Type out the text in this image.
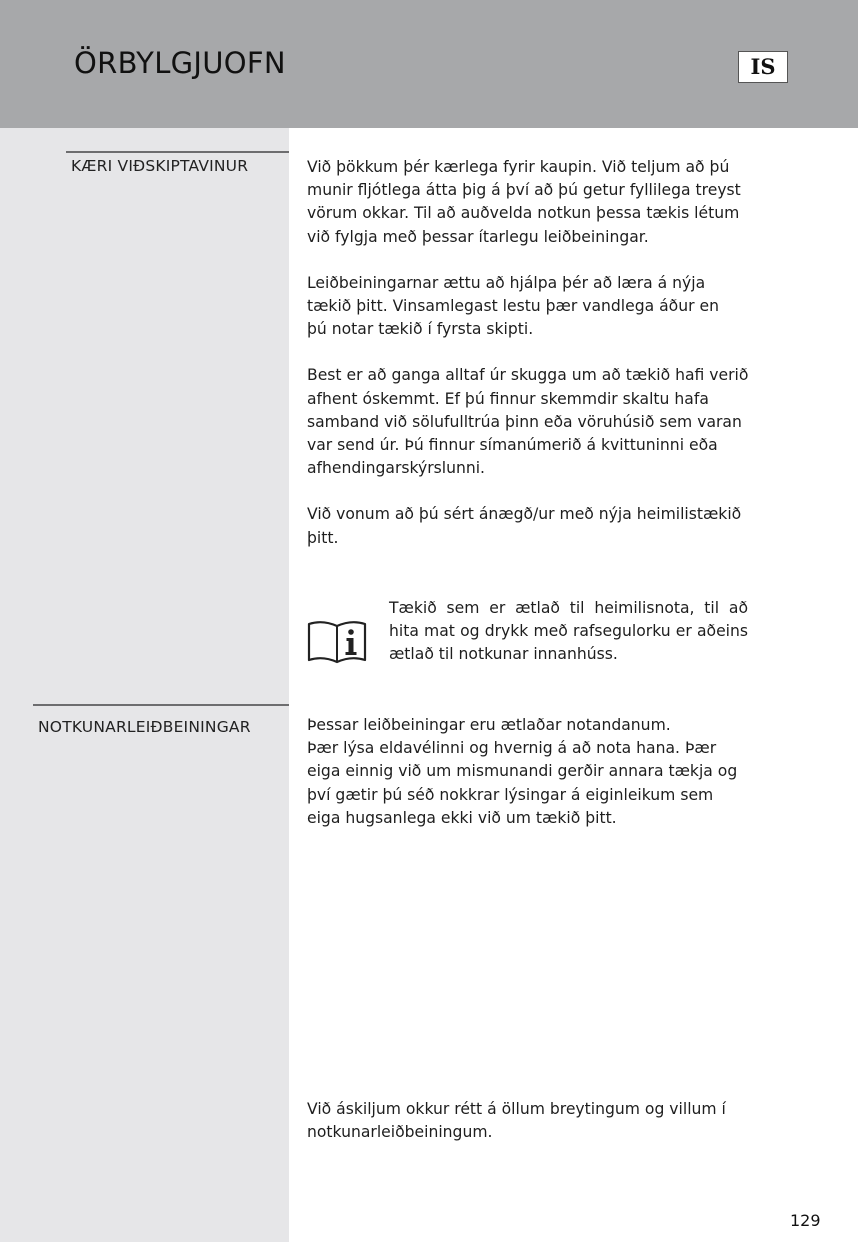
ÖRBYLGJUOFN	IS
KÆRI VIÐSKIPTAVINUR	Við þökkum þér kærlega fyrir kaupin. Við teljum að þú
munir fljótlega átta þig á því að þú getur fyllilega treyst
vörum okkar. Til að auðvelda notkun þessa tækis létum
við fylgja með þessar ítarlegu leiðbeiningar.

Leiðbeiningarnar ættu að hjálpa þér að læra á nýja
tækið þitt. Vinsamlegast lestu þær vandlega áður en
þú notar tækið í fyrsta skipti.

Best er að ganga alltaf úr skugga um að tækið hafi verið
afhent óskemmt. Ef þú finnur skemmdir skaltu hafa
samband við sölufulltrúa þinn eða vöruhúsið sem varan
var send úr. Þú finnur símanúmerið á kvittuninni eða
afhendingarskýrslunni.

Við vonum að þú sért ánægð/ur með nýja heimilistækið
þitt.

Tækið sem er ætlað til heimilisnota, til að hita mat og drykk með rafsegulorku er aðeins ætlað til notkunar innanhúss.
NOTKUNARLEIÐBEININGAR	Þessar leiðbeiningar eru ætlaðar notandanum.
Þær lýsa eldavélinni og hvernig á að nota hana. Þær
eiga einnig við um mismunandi gerðir annara tækja og
því gætir þú séð nokkrar lýsingar á eiginleikum sem
eiga hugsanlega ekki við um tækið þitt.

Við áskiljum okkur rétt á öllum breytingum og villum í
notkunarleiðbeiningum.

129
